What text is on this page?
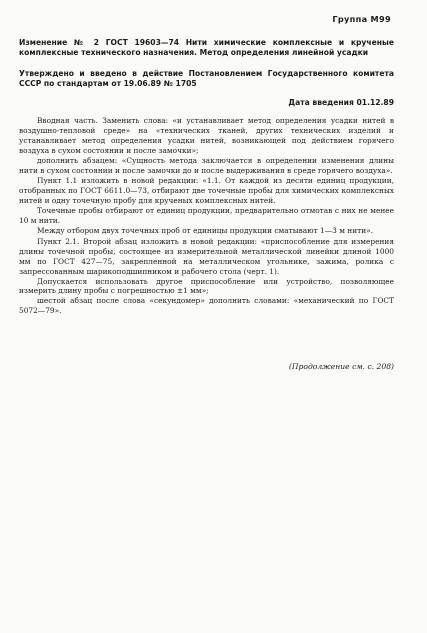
Группа М99

Изменение № 2 ГОСТ 19603—74 Нити химические комплексные и крученые комплексные технического назначения. Метод определения линейной усадки

Утверждено и введено в действие Постановлением Государственного комитета СССР по стандартам от 19.06.89 № 1705

Дата введения 01.12.89

Вводная часть. Заменить слова: «и устанавливает метод определения усадки нитей в воздушно-тепловой среде» на «технических тканей, других технических изделий и устанавливает метод определения усадки нитей, возникающей под действием горячего воздуха в сухом состоянии и после замочки»;

дополнить абзацем: «Сущность метода заключается в определении изменения длины нити в сухом состоянии и после замочки до и после выдерживания в среде горячего воздуха».

Пункт 1.1 изложить в новой редакции: «1.1. От каждой из десяти единиц продукции, отобранных по ГОСТ 6611.0—73, отбирают две точечные пробы для химических комплексных нитей и одну точечную пробу для крученых комплексных нитей.

Точечные пробы отбирают от единиц продукции, предварительно отмотав с них не менее 10 м нити.

Между отбором двух точечных проб от единицы продукции сматывают 1—3 м нити».

Пункт 2.1. Второй абзац изложить в новой редакции: «приспособление для измерения длины точечной пробы, состоящее из измерительной металлической линейки длиной 1000 мм по ГОСТ 427—75, закрепленной на металлическом угольнике, зажима, ролика с запрессованным шарикоподшипником и рабочего стола (черт. 1).

Допускается использовать другое приспособление или устройство, позволяющее измерить длину пробы с погрешностью ±1 мм»;

шестой абзац после слова «секундомер» дополнить словами: «механический по ГОСТ 5072—79».

(Продолжение см. с. 208)
